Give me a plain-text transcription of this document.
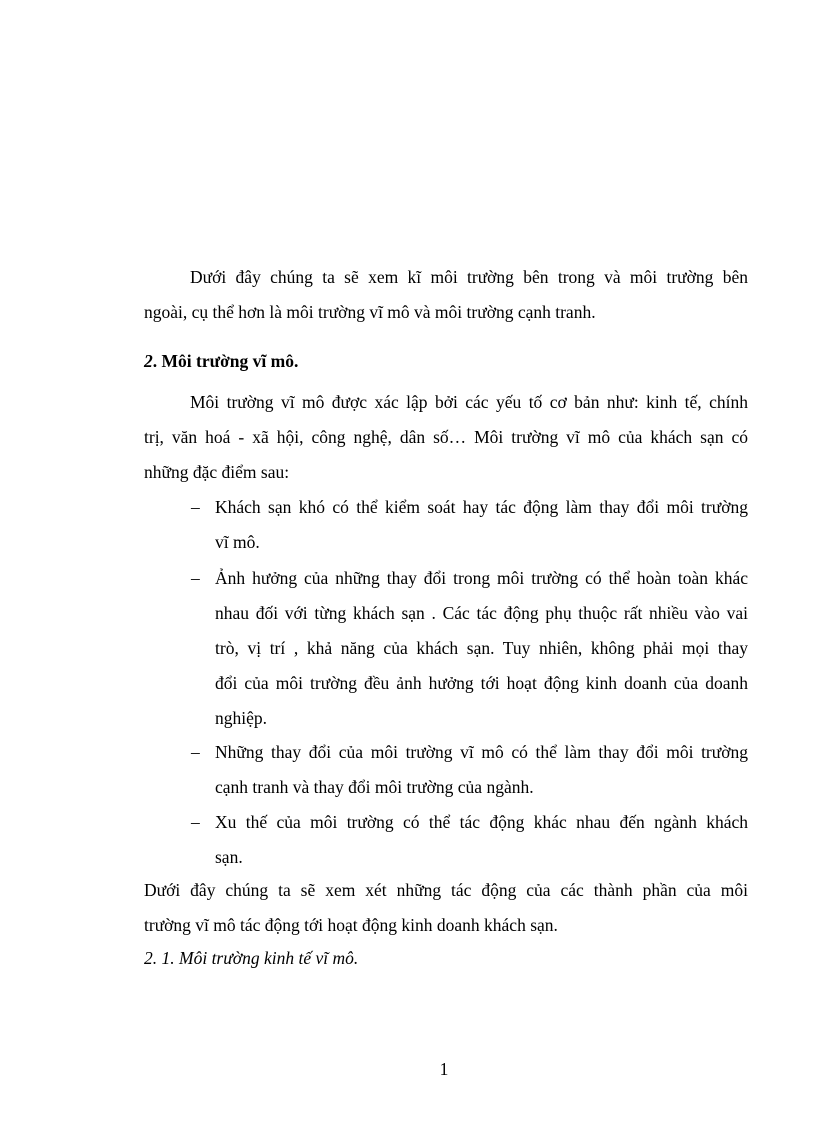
Dưới đây chúng ta sẽ xem kĩ môi trường bên trong và môi trường bên
ngoài, cụ thể hơn là môi trường vĩ mô và môi trường cạnh tranh.
2. Môi trường vĩ mô.
Môi trường vĩ mô được xác lập bởi các yếu tố cơ bản như: kinh tế, chính
trị, văn hoá - xã hội, công nghệ, dân số… Môi trường vĩ mô của khách sạn có
những đặc điểm sau:
– Khách sạn khó có thể kiểm soát hay tác động làm thay đổi môi trường
vĩ mô.
– Ảnh hưởng của những thay đổi trong môi trường có thể hoàn toàn khác
nhau đối với từng khách sạn . Các tác động phụ thuộc rất nhiều vào vai
trò, vị trí , khả năng của khách sạn. Tuy nhiên, không phải mọi thay
đổi của môi trường đều ảnh hưởng tới hoạt động kinh doanh của doanh
nghiệp.
– Những thay đổi của môi trường vĩ mô có thể làm thay đổi môi trường
cạnh tranh và thay đổi môi trường của ngành.
– Xu thế của môi trường có thể tác động khác nhau đến ngành khách
sạn.
Dưới đây chúng ta sẽ xem xét những tác động của các thành phần của môi
trường vĩ mô tác động tới hoạt động kinh doanh khách sạn.
2. 1. Môi trường kinh tế vĩ mô.
1
